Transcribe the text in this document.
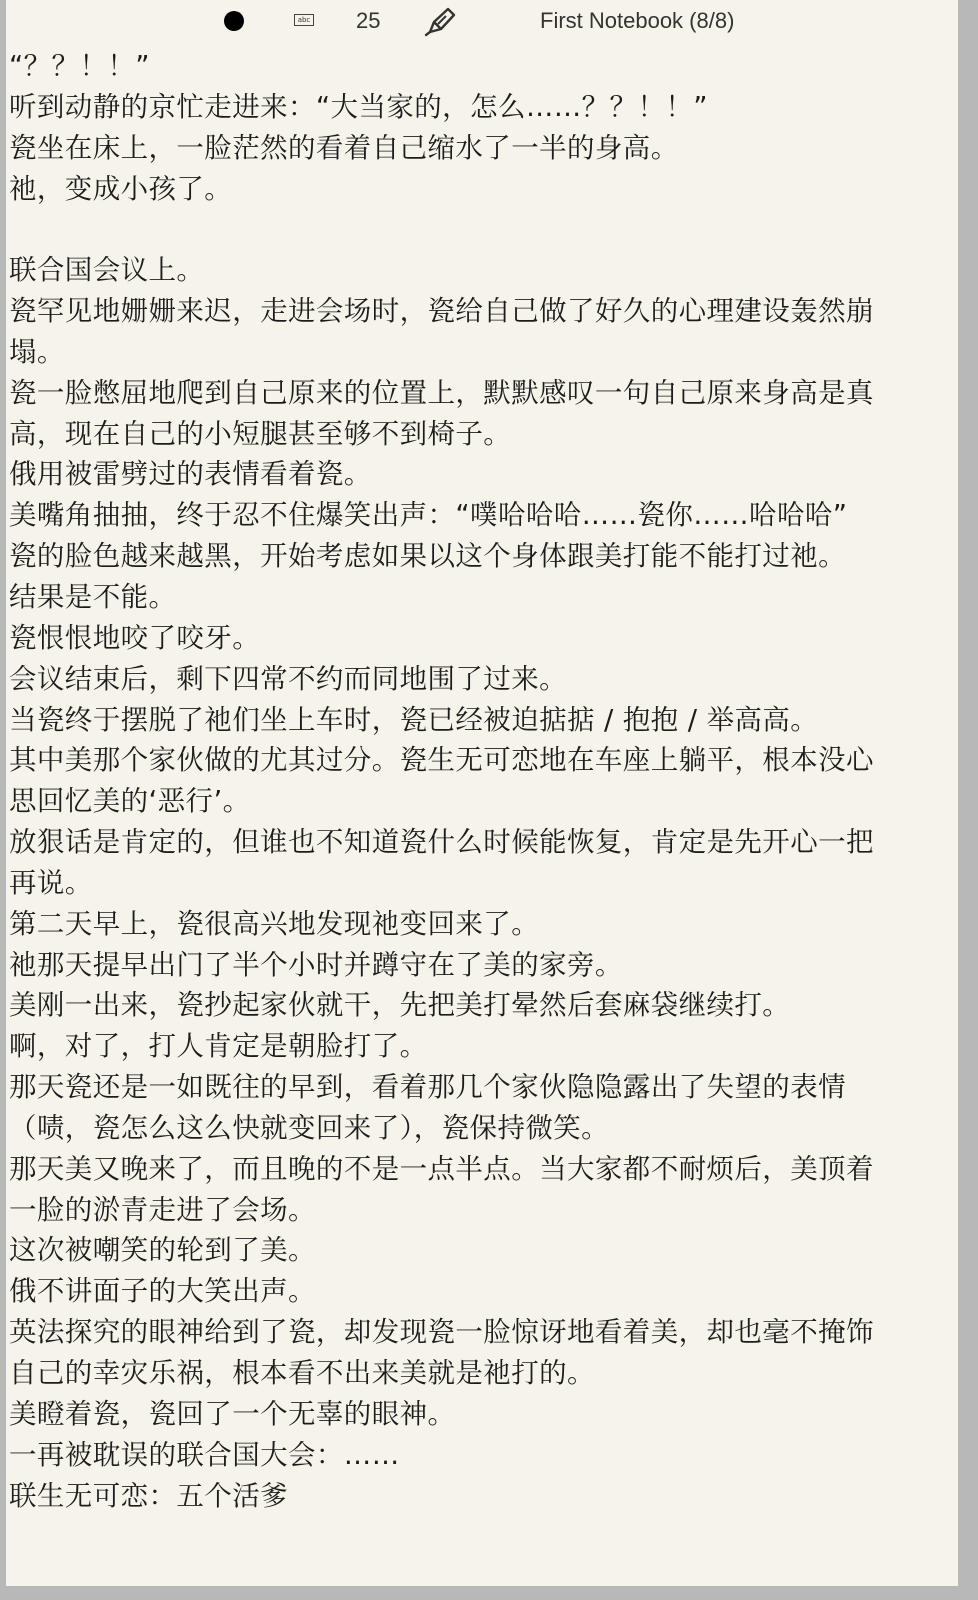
abc 25	First Notebook (8/8)
“？？！！”
听到动静的京忙走进来：“大当家的，怎么……？？！！”
瓷坐在床上，一脸茫然的看着自己缩水了一半的身高。
祂，变成小孩了。
联合国会议上。
瓷罕见地姗姗来迟，走进会场时，瓷给自己做了好久的心理建设轰然崩
塌。
瓷一脸憋屈地爬到自己原来的位置上，默默感叹一句自己原来身高是真
高，现在自己的小短腿甚至够不到椅子。
俄用被雷劈过的表情看着瓷。
美嘴角抽抽，终于忍不住爆笑出声：“噗哈哈哈……瓷你……哈哈哈”
瓷的脸色越来越黑，开始考虑如果以这个身体跟美打能不能打过祂。
结果是不能。
瓷恨恨地咬了咬牙。
会议结束后，剩下四常不约而同地围了过来。
当瓷终于摆脱了祂们坐上车时，瓷已经被迫掂掂 / 抱抱 / 举高高。
其中美那个家伙做的尤其过分。瓷生无可恋地在车座上躺平，根本没心
思回忆美的‘恶行’。
放狠话是肯定的，但谁也不知道瓷什么时候能恢复，肯定是先开心一把
再说。
第二天早上，瓷很高兴地发现祂变回来了。
祂那天提早出门了半个小时并蹲守在了美的家旁。
美刚一出来，瓷抄起家伙就干，先把美打晕然后套麻袋继续打。
啊，对了，打人肯定是朝脸打了。
那天瓷还是一如既往的早到，看着那几个家伙隐隐露出了失望的表情
（啧，瓷怎么这么快就变回来了），瓷保持微笑。
那天美又晚来了，而且晚的不是一点半点。当大家都不耐烦后，美顶着
一脸的淤青走进了会场。
这次被嘲笑的轮到了美。
俄不讲面子的大笑出声。
英法探究的眼神给到了瓷，却发现瓷一脸惊讶地看着美，却也毫不掩饰
自己的幸灾乐祸，根本看不出来美就是祂打的。
美瞪着瓷，瓷回了一个无辜的眼神。
一再被耽误的联合国大会：……
联生无可恋：五个活爹
